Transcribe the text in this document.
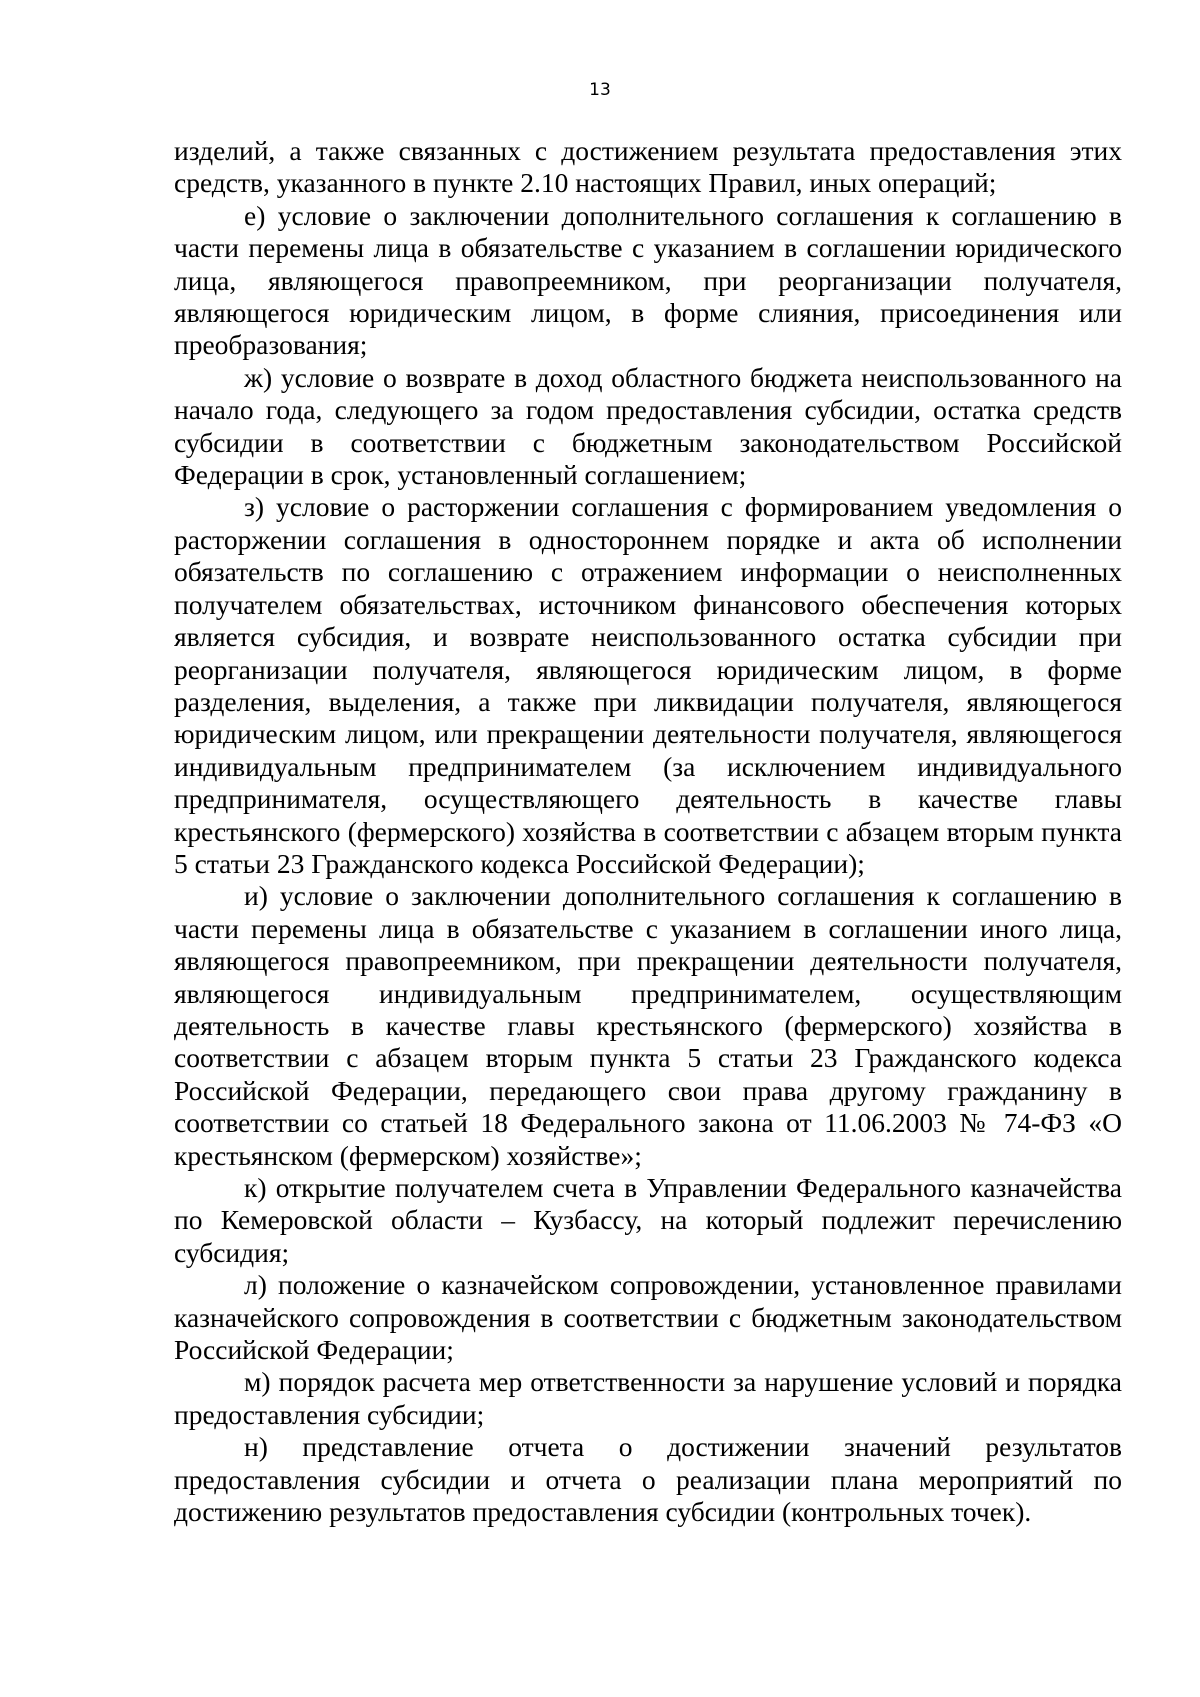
13

изделий, а также связанных с достижением результата предоставления этих средств, указанного в пункте 2.10 настоящих Правил, иных операций;

е) условие о заключении дополнительного соглашения к соглашению в части перемены лица в обязательстве с указанием в соглашении юридического лица, являющегося правопреемником, при реорганизации получателя, являющегося юридическим лицом, в форме слияния, присоединения или преобразования;

ж) условие о возврате в доход областного бюджета неиспользованного на начало года, следующего за годом предоставления субсидии, остатка средств субсидии в соответствии с бюджетным законодательством Российской Федерации в срок, установленный соглашением;

з) условие о расторжении соглашения с формированием уведомления о расторжении соглашения в одностороннем порядке и акта об исполнении обязательств по соглашению с отражением информации о неисполненных получателем обязательствах, источником финансового обеспечения которых является субсидия, и возврате неиспользованного остатка субсидии при реорганизации получателя, являющегося юридическим лицом, в форме разделения, выделения, а также при ликвидации получателя, являющегося юридическим лицом, или прекращении деятельности получателя, являющегося индивидуальным предпринимателем (за исключением индивидуального предпринимателя, осуществляющего деятельность в качестве главы крестьянского (фермерского) хозяйства в соответствии с абзацем вторым пункта 5 статьи 23 Гражданского кодекса Российской Федерации);

и) условие о заключении дополнительного соглашения к соглашению в части перемены лица в обязательстве с указанием в соглашении иного лица, являющегося правопреемником, при прекращении деятельности получателя, являющегося индивидуальным предпринимателем, осуществляющим деятельность в качестве главы крестьянского (фермерского) хозяйства в соответствии с абзацем вторым пункта 5 статьи 23 Гражданского кодекса Российской Федерации, передающего свои права другому гражданину в соответствии со статьей 18 Федерального закона от 11.06.2003 № 74-ФЗ «О крестьянском (фермерском) хозяйстве»;

к) открытие получателем счета в Управлении Федерального казначейства по Кемеровской области – Кузбассу, на который подлежит перечислению субсидия;

л) положение о казначейском сопровождении, установленное правилами казначейского сопровождения в соответствии с бюджетным законодательством Российской Федерации;

м) порядок расчета мер ответственности за нарушение условий и порядка предоставления субсидии;

н) представление отчета о достижении значений результатов предоставления субсидии и отчета о реализации плана мероприятий по достижению результатов предоставления субсидии (контрольных точек).
